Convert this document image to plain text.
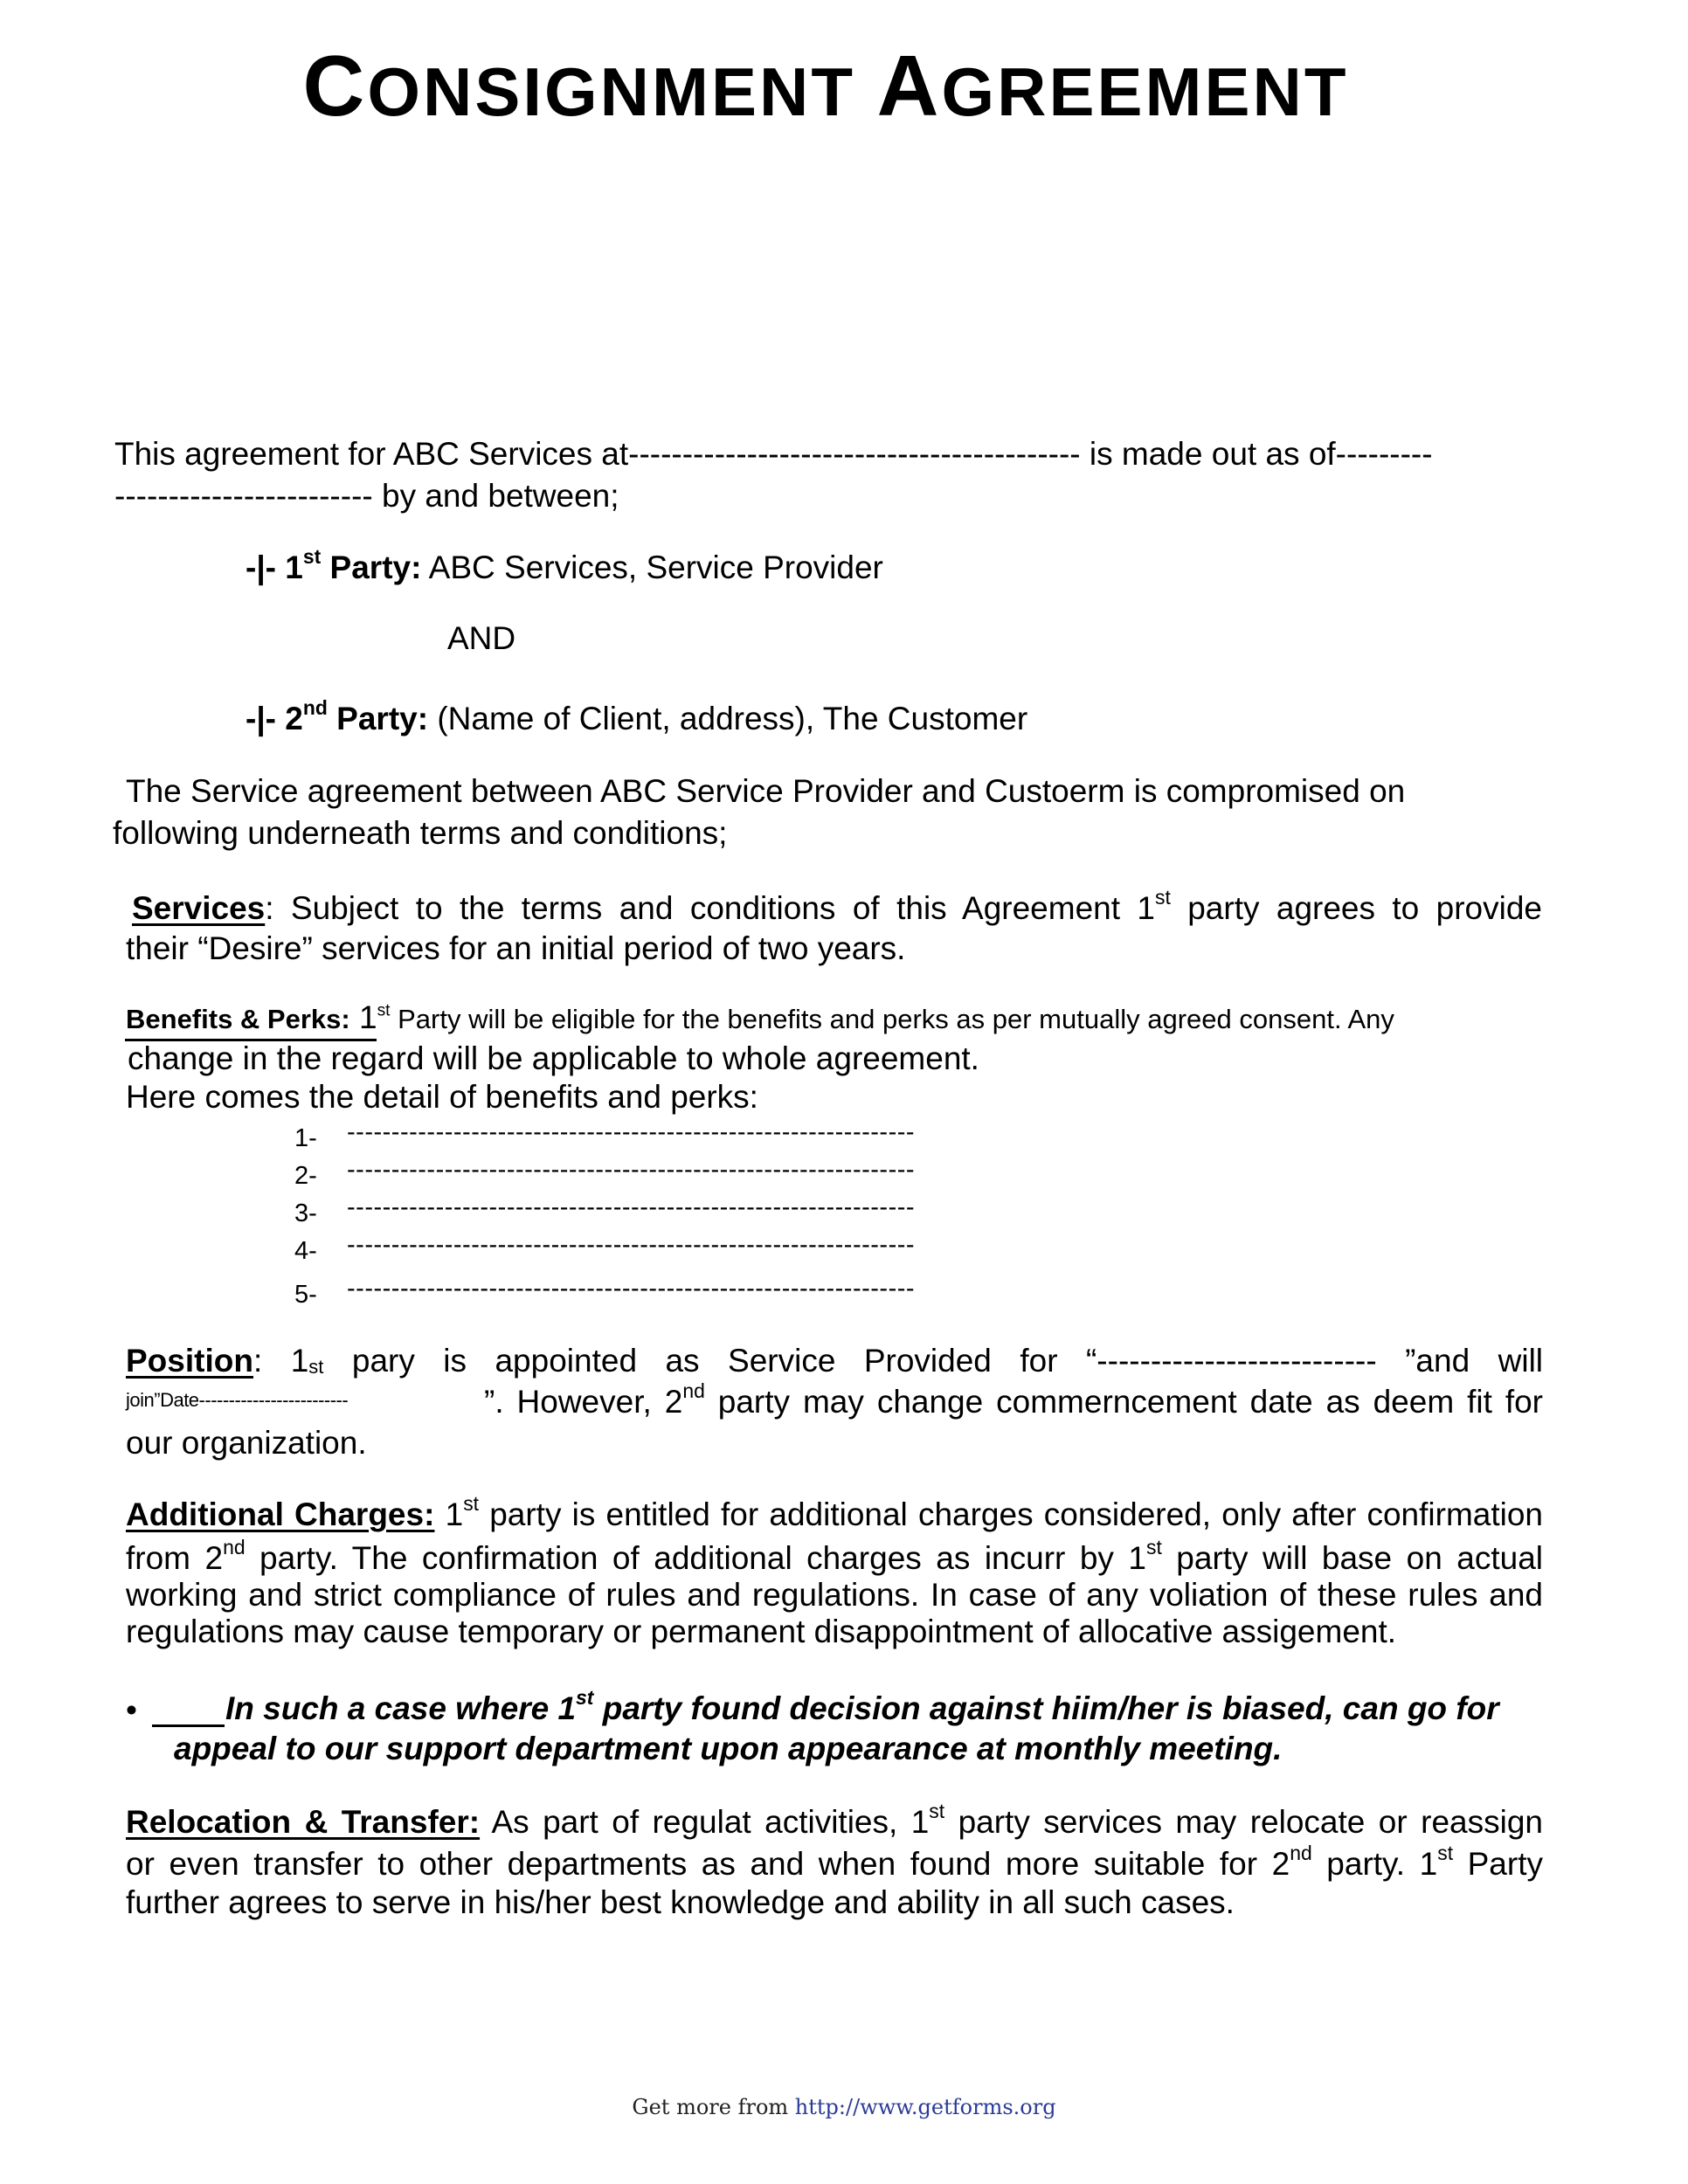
CONSIGNMENT AGREEMENT
This agreement for ABC Services at------------------------------------------ is made out as of---------
------------------------ by and between;
-|- 1st Party: ABC Services, Service Provider
AND
-|- 2nd Party: (Name of Client, address), The Customer
The Service agreement between ABC Service Provider and Custoerm is compromised on
following underneath terms and conditions;
Services: Subject to the terms and conditions of this Agreement 1st party agrees to provide
their “Desire” services for an initial period of two years.
Benefits & Perks: 1st Party will be eligible for the benefits and perks as per mutually agreed consent. Any
change in the regard will be applicable to whole agreement.
Here comes the detail of benefits and perks:
1- ----------------------------------------------------------------
2- ----------------------------------------------------------------
3- ----------------------------------------------------------------
4- ----------------------------------------------------------------
5- ----------------------------------------------------------------
Position: 1st pary is appointed as Service Provided for “-------------------------- ”and will
join”Date-------------------------	”. However, 2nd party may change commerncement date as deem fit for
our organization.
Additional Charges: 1st party is entitled for additional charges considered, only after confirmation
from 2nd party. The confirmation of additional charges as incurr by 1st party will base on actual
working and strict compliance of rules and regulations. In case of any voliation of these rules and
regulations may cause temporary or permanent disappointment of allocative assigement.
•	In such a case where 1st party found decision against hiim/her is biased, can go for
appeal to our support department upon appearance at monthly meeting.
Relocation & Transfer: As part of regulat activities, 1st party services may relocate or reassign
or even transfer to other departments as and when found more suitable for 2nd party. 1st Party
further agrees to serve in his/her best knowledge and ability in all such cases.
Get more from http://www.getforms.org
